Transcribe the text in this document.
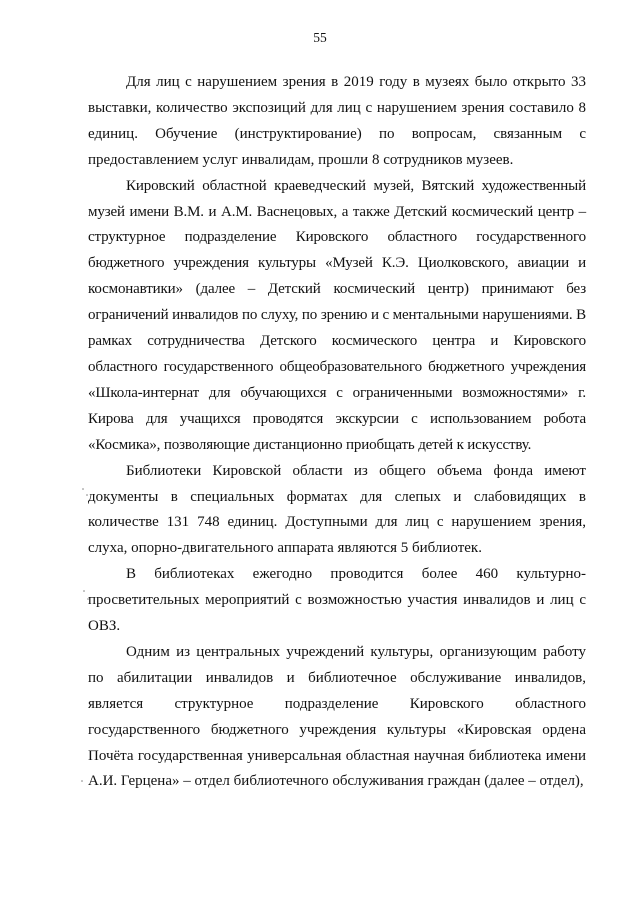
55

Для лиц с нарушением зрения в 2019 году в музеях было открыто 33 выставки, количество экспозиций для лиц с нарушением зрения составило 8 единиц. Обучение (инструктирование) по вопросам, связанным с предоставлением услуг инвалидам, прошли 8 сотрудников музеев.

Кировский областной краеведческий музей, Вятский художественный музей имени В.М. и А.М. Васнецовых, а также Детский космический центр – структурное подразделение Кировского областного государственного бюджетного учреждения культуры «Музей К.Э. Циолковского, авиации и космонавтики» (далее – Детский космический центр) принимают без ограничений инвалидов по слуху, по зрению и с ментальными нарушениями. В рамках сотрудничества Детского космического центра и Кировского областного государственного общеобразовательного бюджетного учреждения «Школа-интернат для обучающихся с ограниченными возможностями» г. Кирова для учащихся проводятся экскурсии с использованием робота «Космика», позволяющие дистанционно приобщать детей к искусству.

Библиотеки Кировской области из общего объема фонда имеют документы в специальных форматах для слепых и слабовидящих в количестве 131 748 единиц. Доступными для лиц с нарушением зрения, слуха, опорно-двигательного аппарата являются 5 библиотек.

В библиотеках ежегодно проводится более 460 культурно-просветительных мероприятий с возможностью участия инвалидов и лиц с ОВЗ.

Одним из центральных учреждений культуры, организующим работу по абилитации инвалидов и библиотечное обслуживание инвалидов, является структурное подразделение Кировского областного государственного бюджетного учреждения культуры «Кировская ордена Почёта государственная универсальная областная научная библиотека имени А.И. Герцена» – отдел библиотечного обслуживания граждан (далее – отдел),
